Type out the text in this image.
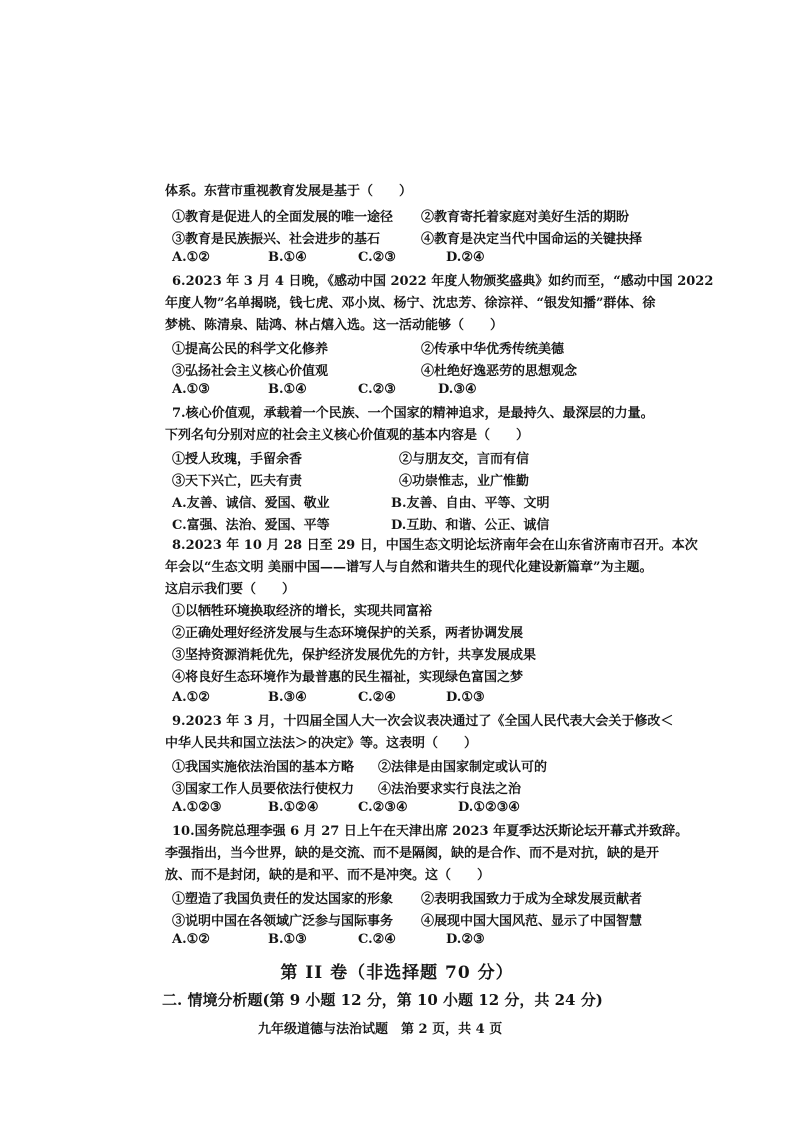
体系。东营市重视教育发展是基于（　　）
①教育是促进人的全面发展的唯一途径 ②教育寄托着家庭对美好生活的期盼
③教育是民族振兴、社会进步的基石	④教育是决定当代中国命运的关键抉择
A.①②	B.①④	C.②③	D.②④
6.2023 年 3 月 4 日晚，《感动中国 2022 年度人物颁奖盛典》如约而至，“感动中国 2022
年度人物”名单揭晓，钱七虎、邓小岚、杨宁、沈忠芳、徐淙祥、“银发知播”群体、徐
梦桃、陈清泉、陆鸿、林占熺入选。这一活动能够（　　）
①提高公民的科学文化修养	②传承中华优秀传统美德
③弘扬社会主义核心价值观	④杜绝好逸恶劳的思想观念
A.①③	B.①④	C.②③	D.③④
7.核心价值观，承载着一个民族、一个国家的精神追求，是最持久、最深层的力量。
下列名句分别对应的社会主义核心价值观的基本内容是（　　）
①授人玫瑰，手留余香	②与朋友交，言而有信
③天下兴亡，匹夫有责	④功崇惟志，业广惟勤
A.友善、诚信、爱国、敬业	B.友善、自由、平等、文明
C.富强、法治、爱国、平等	D.互助、和谐、公正、诚信
8.2023 年 10 月 28 日至 29 日，中国生态文明论坛济南年会在山东省济南市召开。本次
年会以“生态文明 美丽中国——谱写人与自然和谐共生的现代化建设新篇章”为主题。
这启示我们要（　　）
①以牺牲环境换取经济的增长，实现共同富裕
②正确处理好经济发展与生态环境保护的关系，两者协调发展
③坚持资源消耗优先，保护经济发展优先的方针，共享发展成果
④将良好生态环境作为最普惠的民生福祉，实现绿色富国之梦
A.①②	B.③④	C.②④	D.①③
9.2023 年 3 月，十四届全国人大一次会议表决通过了《全国人民代表大会关于修改＜
中华人民共和国立法法＞的决定》等。这表明（　　）
①我国实施依法治国的基本方略 ②法律是由国家制定或认可的
③国家工作人员要依法行使权力 ④法治要求实行良法之治
A.①②③	B.①②④	C.②③④	D.①②③④
10.国务院总理李强 6 月 27 日上午在天津出席 2023 年夏季达沃斯论坛开幕式并致辞。
李强指出，当今世界，缺的是交流、而不是隔阂，缺的是合作、而不是对抗，缺的是开
放、而不是封闭，缺的是和平、而不是冲突。这（　　）
①塑造了我国负责任的发达国家的形象 ②表明我国致力于成为全球发展贡献者
③说明中国在各领域广泛参与国际事务 ④展现中国大国风范、显示了中国智慧
A.①②	B.①③	C.②④	D.②③
第 II 卷（非选择题 70 分）
二. 情境分析题(第 9 小题 12 分，第 10 小题 12 分，共 24 分)
九年级道德与法治试题　第 2 页，共 4 页
